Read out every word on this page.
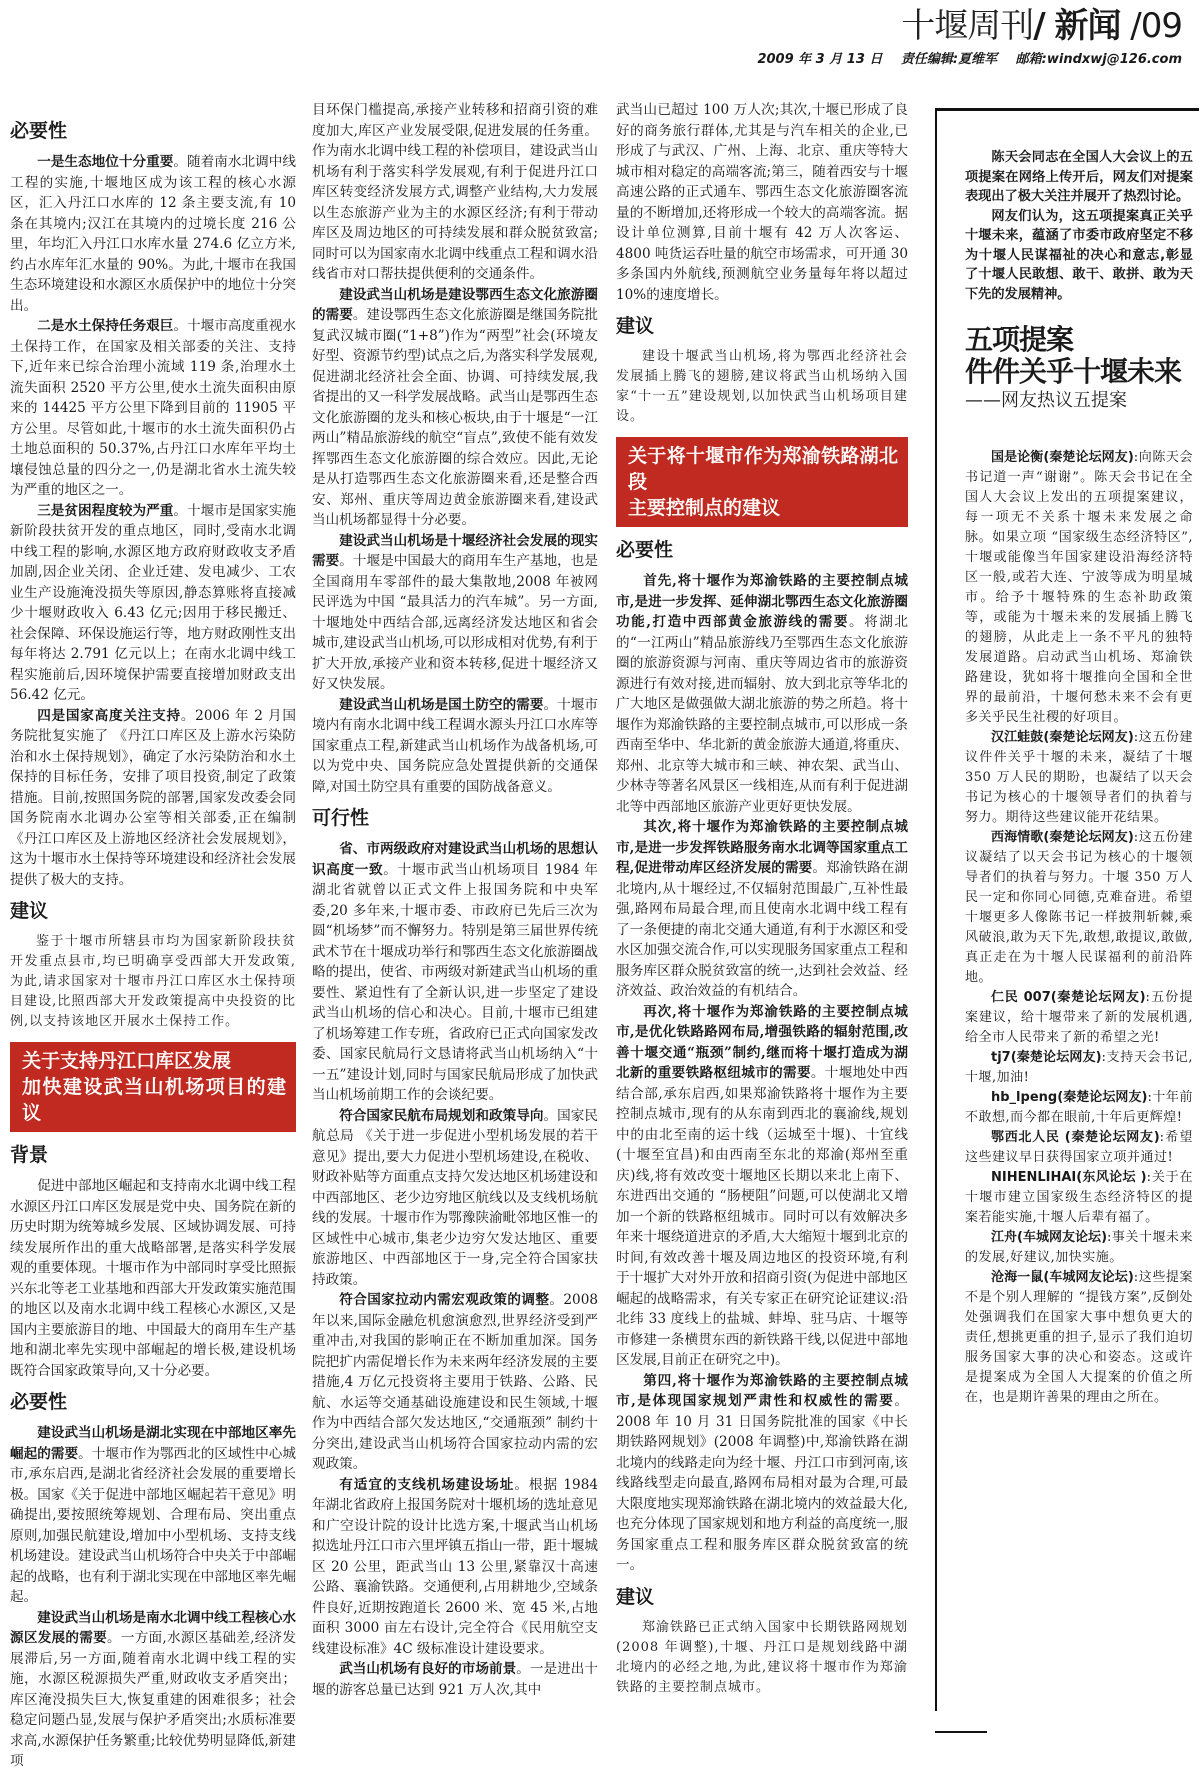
十堰周刊/ 新闻 /09
2009 年 3 月 13 日 责任编辑:夏维军 邮箱:windxwj@126.com
必要性

一是生态地位十分重要。随着南水北调中线工程的实施,十堰地区成为该工程的核心水源区，汇入丹江口水库的 12 条主要支流,有 10 条在其境内;汉江在其境内的过境长度 216 公里，年均汇入丹江口水库水量 274.6 亿立方米,约占水库年汇水量的 90%。为此,十堰市在我国生态环境建设和水源区水质保护中的地位十分突出。

二是水土保持任务艰巨。十堰市高度重视水土保持工作，在国家及相关部委的关注、支持下,近年来已综合治理小流域 119 条,治理水土流失面积 2520 平方公里,使水土流失面积由原来的 14425 平方公里下降到目前的 11905 平方公里。尽管如此,十堰市的水土流失面积仍占土地总面积的 50.37%,占丹江口水库年平均土壤侵蚀总量的四分之一,仍是湖北省水土流失较为严重的地区之一。

三是贫困程度较为严重。十堰市是国家实施新阶段扶贫开发的重点地区，同时,受南水北调中线工程的影响,水源区地方政府财政收支矛盾加剧,因企业关闭、企业迁建、发电减少、工农业生产设施淹没损失等原因,静态算账将直接减少十堰财政收入 6.43 亿元;因用于移民搬迁、社会保障、环保设施运行等，地方财政刚性支出每年将达 2.791 亿元以上；在南水北调中线工程实施前后,因环境保护需要直接增加财政支出 56.42 亿元。

四是国家高度关注支持。2006 年 2 月国务院批复实施了 《丹江口库区及上游水污染防治和水土保持规划》，确定了水污染防治和水土保持的目标任务，安排了项目投资,制定了政策措施。目前,按照国务院的部署,国家发改委会同国务院南水北调办公室等相关部委,正在编制《丹江口库区及上游地区经济社会发展规划》，这为十堰市水土保持等环境建设和经济社会发展提供了极大的支持。

建议

鉴于十堰市所辖县市均为国家新阶段扶贫开发重点县市,均已明确享受西部大开发政策,为此,请求国家对十堰市丹江口库区水土保持项目建设,比照西部大开发政策提高中央投资的比例,以支持该地区开展水土保持工作。

关于支持丹江口库区发展
加快建设武当山机场项目的建议
背景

促进中部地区崛起和支持南水北调中线工程水源区丹江口库区发展是党中央、国务院在新的历史时期为统筹城乡发展、区域协调发展、可持续发展所作出的重大战略部署,是落实科学发展观的重要体现。十堰市作为中部同时享受比照振兴东北等老工业基地和西部大开发政策实施范围的地区以及南水北调中线工程核心水源区,又是国内主要旅游目的地、中国最大的商用车生产基地和湖北率先实现中部崛起的增长极,建设机场既符合国家政策导向,又十分必要。

必要性

建设武当山机场是湖北实现在中部地区率先崛起的需要。十堰市作为鄂西北的区域性中心城市,承东启西,是湖北省经济社会发展的重要增长极。国家《关于促进中部地区崛起若干意见》明确提出,要按照统筹规划、合理布局、突出重点原则,加强民航建设,增加中小型机场、支持支线机场建设。建设武当山机场符合中央关于中部崛起的战略，也有利于湖北实现在中部地区率先崛起。

建设武当山机场是南水北调中线工程核心水源区发展的需要。一方面,水源区基础差,经济发展滞后,另一方面,随着南水北调中线工程的实施，水源区税源损失严重,财政收支矛盾突出；库区淹没损失巨大,恢复重建的困难很多；社会稳定问题凸显,发展与保护矛盾突出;水质标准要求高,水源保护任务繁重;比较优势明显降低,新建项

目环保门槛提高,承接产业转移和招商引资的难度加大,库区产业发展受限,促进发展的任务重。作为南水北调中线工程的补偿项目，建设武当山机场有利于落实科学发展观,有利于促进丹江口库区转变经济发展方式,调整产业结构,大力发展以生态旅游产业为主的水源区经济;有利于带动库区及周边地区的可持续发展和群众脱贫致富;同时可以为国家南水北调中线重点工程和调水沿线省市对口帮扶提供便利的交通条件。

建设武当山机场是建设鄂西生态文化旅游圈的需要。建设鄂西生态文化旅游圈是继国务院批复武汉城市圈(“1+8”)作为“两型”社会(环境友好型、资源节约型)试点之后,为落实科学发展观,促进湖北经济社会全面、协调、可持续发展,我省提出的又一科学发展战略。武当山是鄂西生态文化旅游圈的龙头和核心板块,由于十堰是“一江两山”精品旅游线的航空“盲点”,致使不能有效发挥鄂西生态文化旅游圈的综合效应。因此,无论是从打造鄂西生态文化旅游圈来看,还是整合西安、郑州、重庆等周边黄金旅游圈来看,建设武当山机场都显得十分必要。

建设武当山机场是十堰经济社会发展的现实需要。十堰是中国最大的商用车生产基地，也是全国商用车零部件的最大集散地,2008 年被网民评选为中国 “最具活力的汽车城”。另一方面,十堰地处中西结合部,远离经济发达地区和省会城市,建设武当山机场,可以形成相对优势,有利于扩大开放,承接产业和资本转移,促进十堰经济又好又快发展。

建设武当山机场是国土防空的需要。十堰市境内有南水北调中线工程调水源头丹江口水库等国家重点工程,新建武当山机场作为战备机场,可以为党中央、国务院应急处置提供新的交通保障,对国土防空具有重要的国防战备意义。

可行性

省、市两级政府对建设武当山机场的思想认识高度一致。十堰市武当山机场项目 1984 年湖北省就曾以正式文件上报国务院和中央军委,20 多年来,十堰市委、市政府已先后三次为圆“机场梦”而不懈努力。特别是第三届世界传统武术节在十堰成功举行和鄂西生态文化旅游圈战略的提出，使省、市两级对新建武当山机场的重要性、紧迫性有了全新认识,进一步坚定了建设武当山机场的信心和决心。目前,十堰市已组建了机场筹建工作专班，省政府已正式向国家发改委、国家民航局行文恳请将武当山机场纳入“十一五”建设计划,同时与国家民航局形成了加快武当山机场前期工作的会谈纪要。

符合国家民航布局规划和政策导向。国家民航总局 《关于进一步促进小型机场发展的若干意见》提出,要大力促进小型机场建设,在税收、财政补贴等方面重点支持欠发达地区机场建设和中西部地区、老少边穷地区航线以及支线机场航线的发展。十堰市作为鄂豫陕渝毗邻地区惟一的区域性中心城市,集老少边穷欠发达地区、重要旅游地区、中西部地区于一身,完全符合国家扶持政策。

符合国家拉动内需宏观政策的调整。2008 年以来,国际金融危机愈演愈烈,世界经济受到严重冲击,对我国的影响正在不断加重加深。国务院把扩内需促增长作为未来两年经济发展的主要措施,4 万亿元投资将主要用于铁路、公路、民航、水运等交通基础设施建设和民生领域,十堰作为中西结合部欠发达地区,“交通瓶颈” 制约十分突出,建设武当山机场符合国家拉动内需的宏观政策。

有适宜的支线机场建设场址。根据 1984 年湖北省政府上报国务院对十堰机场的选址意见和广空设计院的设计比选方案,十堰武当山机场拟选址丹江口市六里坪镇五指山一带，距十堰城区 20 公里，距武当山 13 公里,紧靠汉十高速公路、襄渝铁路。交通便利,占用耕地少,空域条件良好,近期按跑道长 2600 米、宽 45 米,占地面积 3000 亩左右设计,完全符合《民用航空支线建设标准》4C 级标准设计建设要求。

武当山机场有良好的市场前景。一是进出十堰的游客总量已达到 921 万人次,其中

武当山已超过 100 万人次;其次,十堰已形成了良好的商务旅行群体,尤其是与汽车相关的企业,已形成了与武汉、广州、上海、北京、重庆等特大城市相对稳定的高端客流;第三，随着西安与十堰高速公路的正式通车、鄂西生态文化旅游圈客流量的不断增加,还将形成一个较大的高端客流。据设计单位测算,目前十堰有 42 万人次客运、4800 吨货运吞吐量的航空市场需求，可开通 30 多条国内外航线,预测航空业务量每年将以超过 10%的速度增长。

建议

建设十堰武当山机场,将为鄂西北经济社会发展插上腾飞的翅膀,建议将武当山机场纳入国家“十一五”建设规划,以加快武当山机场项目建设。

关于将十堰市作为郑渝铁路湖北段
主要控制点的建议
必要性

首先,将十堰作为郑渝铁路的主要控制点城市,是进一步发挥、延伸湖北鄂西生态文化旅游圈功能,打造中西部黄金旅游线的需要。将湖北的“一江两山”精品旅游线乃至鄂西生态文化旅游圈的旅游资源与河南、重庆等周边省市的旅游资源进行有效对接,进而辐射、放大到北京等华北的广大地区是做强做大湖北旅游的势之所趋。将十堰作为郑渝铁路的主要控制点城市,可以形成一条西南至华中、华北新的黄金旅游大通道,将重庆、郑州、北京等大城市和三峡、神农架、武当山、少林寺等著名风景区一线相连,从而有利于促进湖北等中西部地区旅游产业更好更快发展。

其次,将十堰作为郑渝铁路的主要控制点城市,是进一步发挥铁路服务南水北调等国家重点工程,促进带动库区经济发展的需要。郑渝铁路在湖北境内,从十堰经过,不仅辐射范围最广,互补性最强,路网布局最合理,而且使南水北调中线工程有了一条便捷的南北交通大通道,有利于水源区和受水区加强交流合作,可以实现服务国家重点工程和服务库区群众脱贫致富的统一,达到社会效益、经济效益、政治效益的有机结合。

再次,将十堰作为郑渝铁路的主要控制点城市,是优化铁路路网布局,增强铁路的辐射范围,改善十堰交通“瓶颈”制约,继而将十堰打造成为湖北新的重要铁路枢纽城市的需要。十堰地处中西结合部,承东启西,如果郑渝铁路将十堰作为主要控制点城市,现有的从东南到西北的襄渝线,规划中的由北至南的运十线（运城至十堰)、十宜线(十堰至宜昌)和由西南至东北的郑渝(郑州至重庆)线,将有效改变十堰地区长期以来北上南下、东进西出交通的 “肠梗阻”问题,可以使湖北又增加一个新的铁路枢纽城市。同时可以有效解决多年来十堰绕道进京的矛盾,大大缩短十堰到北京的时间,有效改善十堰及周边地区的投资环境,有利于十堰扩大对外开放和招商引资(为促进中部地区崛起的战略需求，有关专家正在研究论证建议:沿北纬 33 度线上的盐城、蚌埠、驻马店、十堰等市修建一条横贯东西的新铁路干线,以促进中部地区发展,目前正在研究之中)。

第四,将十堰作为郑渝铁路的主要控制点城市,是体现国家规划严肃性和权威性的需要。2008 年 10 月 31 日国务院批准的国家《中长期铁路网规划》(2008 年调整)中,郑渝铁路在湖北境内的线路走向为经十堰、丹江口市到河南,该线路线型走向最直,路网布局相对最为合理,可最大限度地实现郑渝铁路在湖北境内的效益最大化,也充分体现了国家规划和地方利益的高度统一,服务国家重点工程和服务库区群众脱贫致富的统一。

建议

郑渝铁路已正式纳入国家中长期铁路网规划(2008 年调整),十堰、丹江口是规划线路中湖北境内的必经之地,为此,建议将十堰市作为郑渝铁路的主要控制点城市。

陈天会同志在全国人大会议上的五项提案在网络上传开后，网友们对提案表现出了极大关注并展开了热烈讨论。

网友们认为，这五项提案真正关乎十堰未来，蕴涵了市委市政府坚定不移为十堰人民谋福祉的决心和意志,彰显了十堰人民敢想、敢干、敢拼、敢为天下先的发展精神。

五项提案
件件关乎十堰未来
——网友热议五提案

国是论衡(秦楚论坛网友):向陈天会书记道一声“谢谢”。陈天会书记在全国人大会议上发出的五项提案建议，每一项无不关系十堰未来发展之命脉。如果立项 “国家级生态经济特区”,十堰或能像当年国家建设沿海经济特区一般,或若大连、宁波等成为明星城市。给予十堰特殊的生态补助政策等，或能为十堰未来的发展插上腾飞的翅膀，从此走上一条不平凡的独特发展道路。启动武当山机场、郑渝铁路建设，犹如将十堰推向全国和全世界的最前沿，十堰何愁未来不会有更多关乎民生社稷的好项目。

汉江蛙鼓(秦楚论坛网友):这五份建议件件关乎十堰的未来，凝结了十堰 350 万人民的期盼，也凝结了以天会书记为核心的十堰领导者们的执着与努力。期待这些建议能开花结果。

西海情歌(秦楚论坛网友):这五份建议凝结了以天会书记为核心的十堰领导者们的执着与努力。十堰 350 万人民一定和你同心同德,克难奋进。希望十堰更多人像陈书记一样披荆斩棘,乘风破浪,敢为天下先,敢想,敢提议,敢做,真正走在为十堰人民谋福利的前沿阵地。

仁民 007(秦楚论坛网友):五份提案建议，给十堰带来了新的发展机遇,给全市人民带来了新的希望之光!

tj7(秦楚论坛网友):支持天会书记,十堰,加油!

hb_lpeng(秦楚论坛网友):十年前不敢想,而今都在眼前,十年后更辉煌!

鄂西北人民 (秦楚论坛网友):希望这些建议早日获得国家立项并通过!

NIHENLIHAI(东风论坛 ):关于在十堰市建立国家级生态经济特区的提案若能实施,十堰人后辈有福了。

江舟(车城网友论坛):事关十堰未来的发展,好建议,加快实施。

沧海一鼠(车城网友论坛):这些提案不是个别人理解的 “提钱方案”,反倒处处强调我们在国家大事中想负更大的责任,想挑更重的担子,显示了我们迫切服务国家大事的决心和姿态。这或许是提案成为全国人大提案的价值之所在，也是期许善果的理由之所在。
